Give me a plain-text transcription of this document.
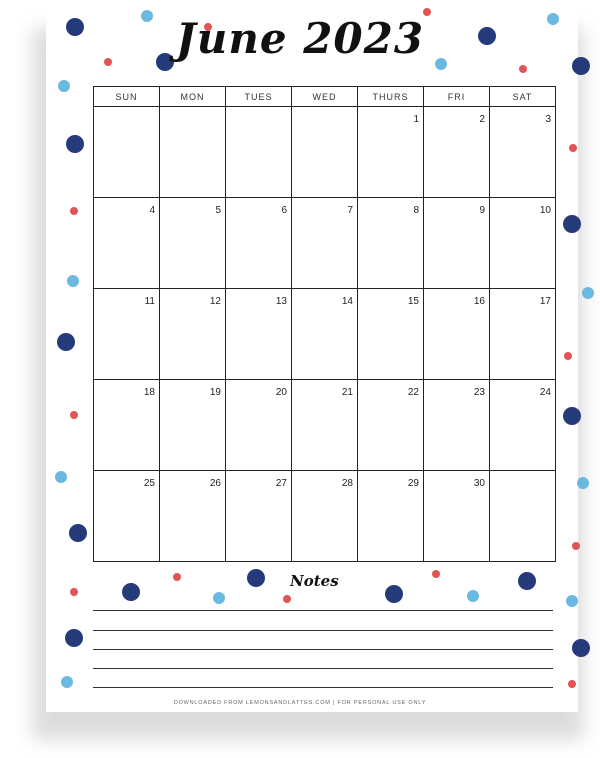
June 2023
SUN	MON	TUES	WED	THURS	FRI	SAT
				1	2	3
4	5	6	7	8	9	10
11	12	13	14	15	16	17
18	19	20	21	22	23	24
25	26	27	28	29	30	
Notes
DOWNLOADED FROM LEMONSANDLATTES.COM | FOR PERSONAL USE ONLY
